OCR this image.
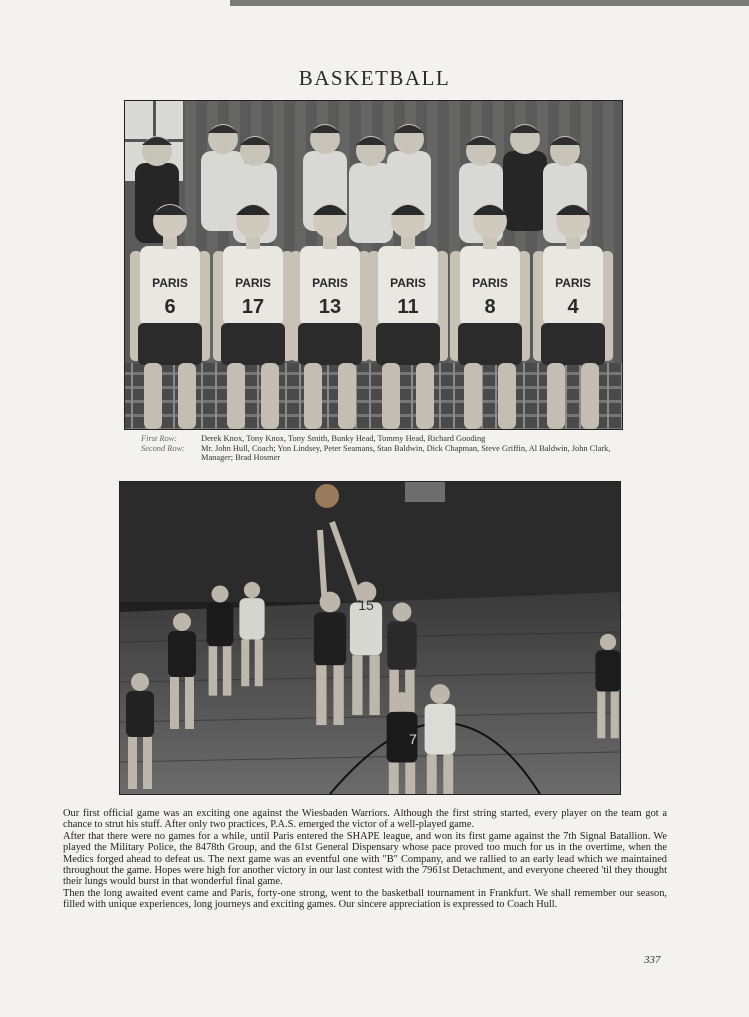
BASKETBALL
PARIS
6
PARIS
17
PARIS
13
PARIS
11
PARIS
8
PARIS
4
First Row:	Derek Knox, Tony Knox, Tony Smith, Bunky Head, Tommy Head, Richard Gooding
Second Row:	Mr. John Hull, Coach; Yon Lindsey, Peter Seamans, Stan Baldwin, Dick Chapman, Steve Griffin, Al Baldwin, John Clark, Manager; Brad Hosmer
15
7

Our first official game was an exciting one against the Wiesbaden Warriors. Although the first string started, every player on the team got a chance to strut his stuff. After only two practices, P.A.S. emerged the victor of a well-played game.

After that there were no games for a while, until Paris entered the SHAPE league, and won its first game against the 7th Signal Batallion. We played the Military Police, the 8478th Group, and the 61st General Dispensary whose pace proved too much for us in the overtime, when the Medics forged ahead to defeat us. The next game was an eventful one with "B" Company, and we rallied to an early lead which we maintained throughout the game. Hopes were high for another victory in our last contest with the 7961st Detachment, and everyone cheered 'til they thought their lungs would burst in that wonderful final game.

Then the long awaited event came and Paris, forty-one strong, went to the basketball tournament in Frankfurt. We shall remember our season, filled with unique experiences, long journeys and exciting games. Our sincere appreciation is expressed to Coach Hull.

337
